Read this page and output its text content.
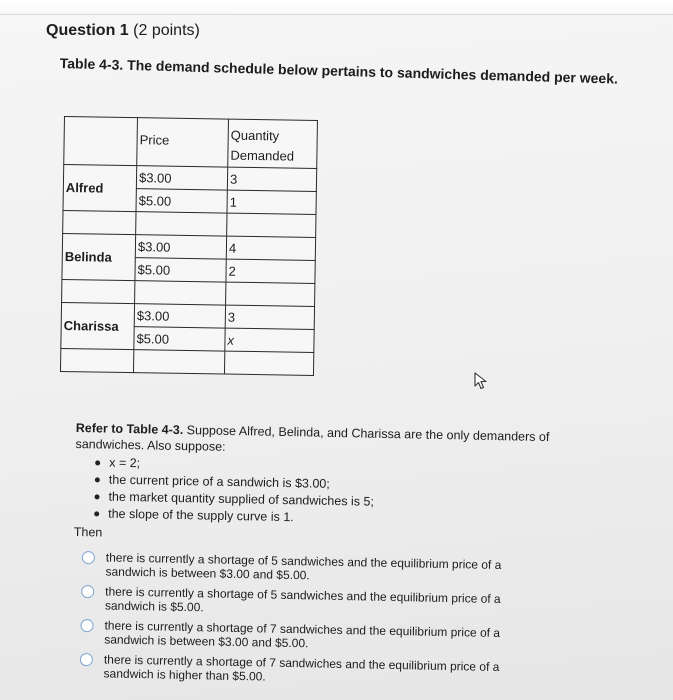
Question 1 (2 points)
Table 4-3. The demand schedule below pertains to sandwiches demanded per week.
	Price	Quantity
Demanded
Alfred	$3.00	3
	$5.00	1

Belinda	$3.00	4
	$5.00	2

Charissa	$3.00	3
	$5.00	x

Refer to Table 4-3. Suppose Alfred, Belinda, and Charissa are the only demanders of sandwiches. Also suppose:
x = 2;
the current price of a sandwich is $3.00;
the market quantity supplied of sandwiches is 5;
the slope of the supply curve is 1.
Then
there is currently a shortage of 5 sandwiches and the equilibrium price of a sandwich is between $3.00 and $5.00.
there is currently a shortage of 5 sandwiches and the equilibrium price of a sandwich is $5.00.
there is currently a shortage of 7 sandwiches and the equilibrium price of a sandwich is between $3.00 and $5.00.
there is currently a shortage of 7 sandwiches and the equilibrium price of a sandwich is higher than $5.00.
